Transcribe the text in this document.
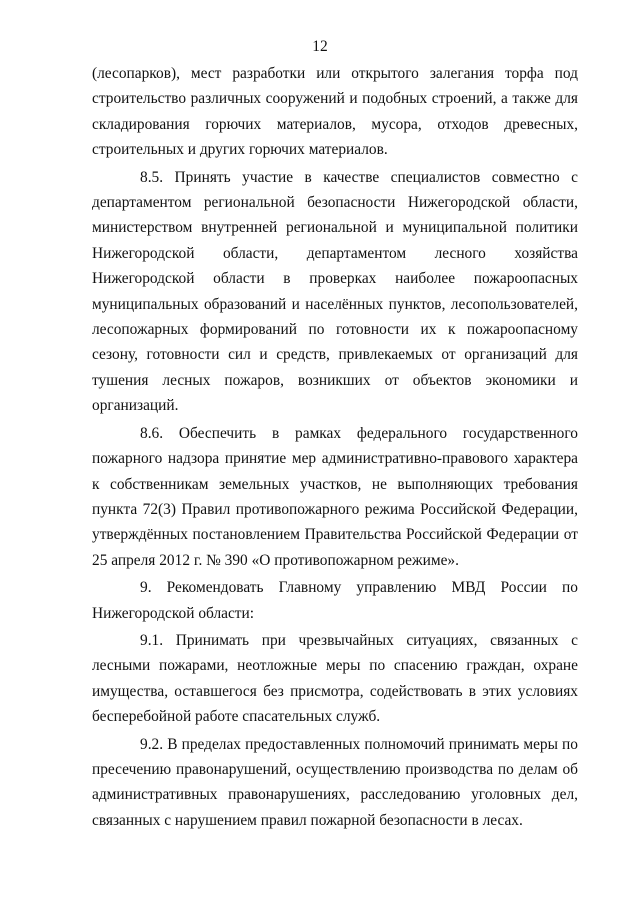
12

(лесопарков), мест разработки или открытого залегания торфа под строительство различных сооружений и подобных строений, а также для складирования горючих материалов, мусора, отходов древесных, строительных и других горючих материалов.

8.5. Принять участие в качестве специалистов совместно с департаментом региональной безопасности Нижегородской области, министерством внутренней региональной и муниципальной политики Нижегородской области, департаментом лесного хозяйства Нижегородской области в проверках наиболее пожароопасных муниципальных образований и населённых пунктов, лесопользователей, лесопожарных формирований по готовности их к пожароопасному сезону, готовности сил и средств, привлекаемых от организаций для тушения лесных пожаров, возникших от объектов экономики и организаций.

8.6. Обеспечить в рамках федерального государственного пожарного надзора принятие мер административно-правового характера к собственникам земельных участков, не выполняющих требования пункта 72(3) Правил противопожарного режима Российской Федерации, утверждённых постановлением Правительства Российской Федерации от 25 апреля 2012 г. № 390 «О противопожарном режиме».

9. Рекомендовать Главному управлению МВД России по Нижегородской области:

9.1. Принимать при чрезвычайных ситуациях, связанных с лесными пожарами, неотложные меры по спасению граждан, охране имущества, оставшегося без присмотра, содействовать в этих условиях бесперебойной работе спасательных служб.

9.2. В пределах предоставленных полномочий принимать меры по пресечению правонарушений, осуществлению производства по делам об административных правонарушениях, расследованию уголовных дел, связанных с нарушением правил пожарной безопасности в лесах.
